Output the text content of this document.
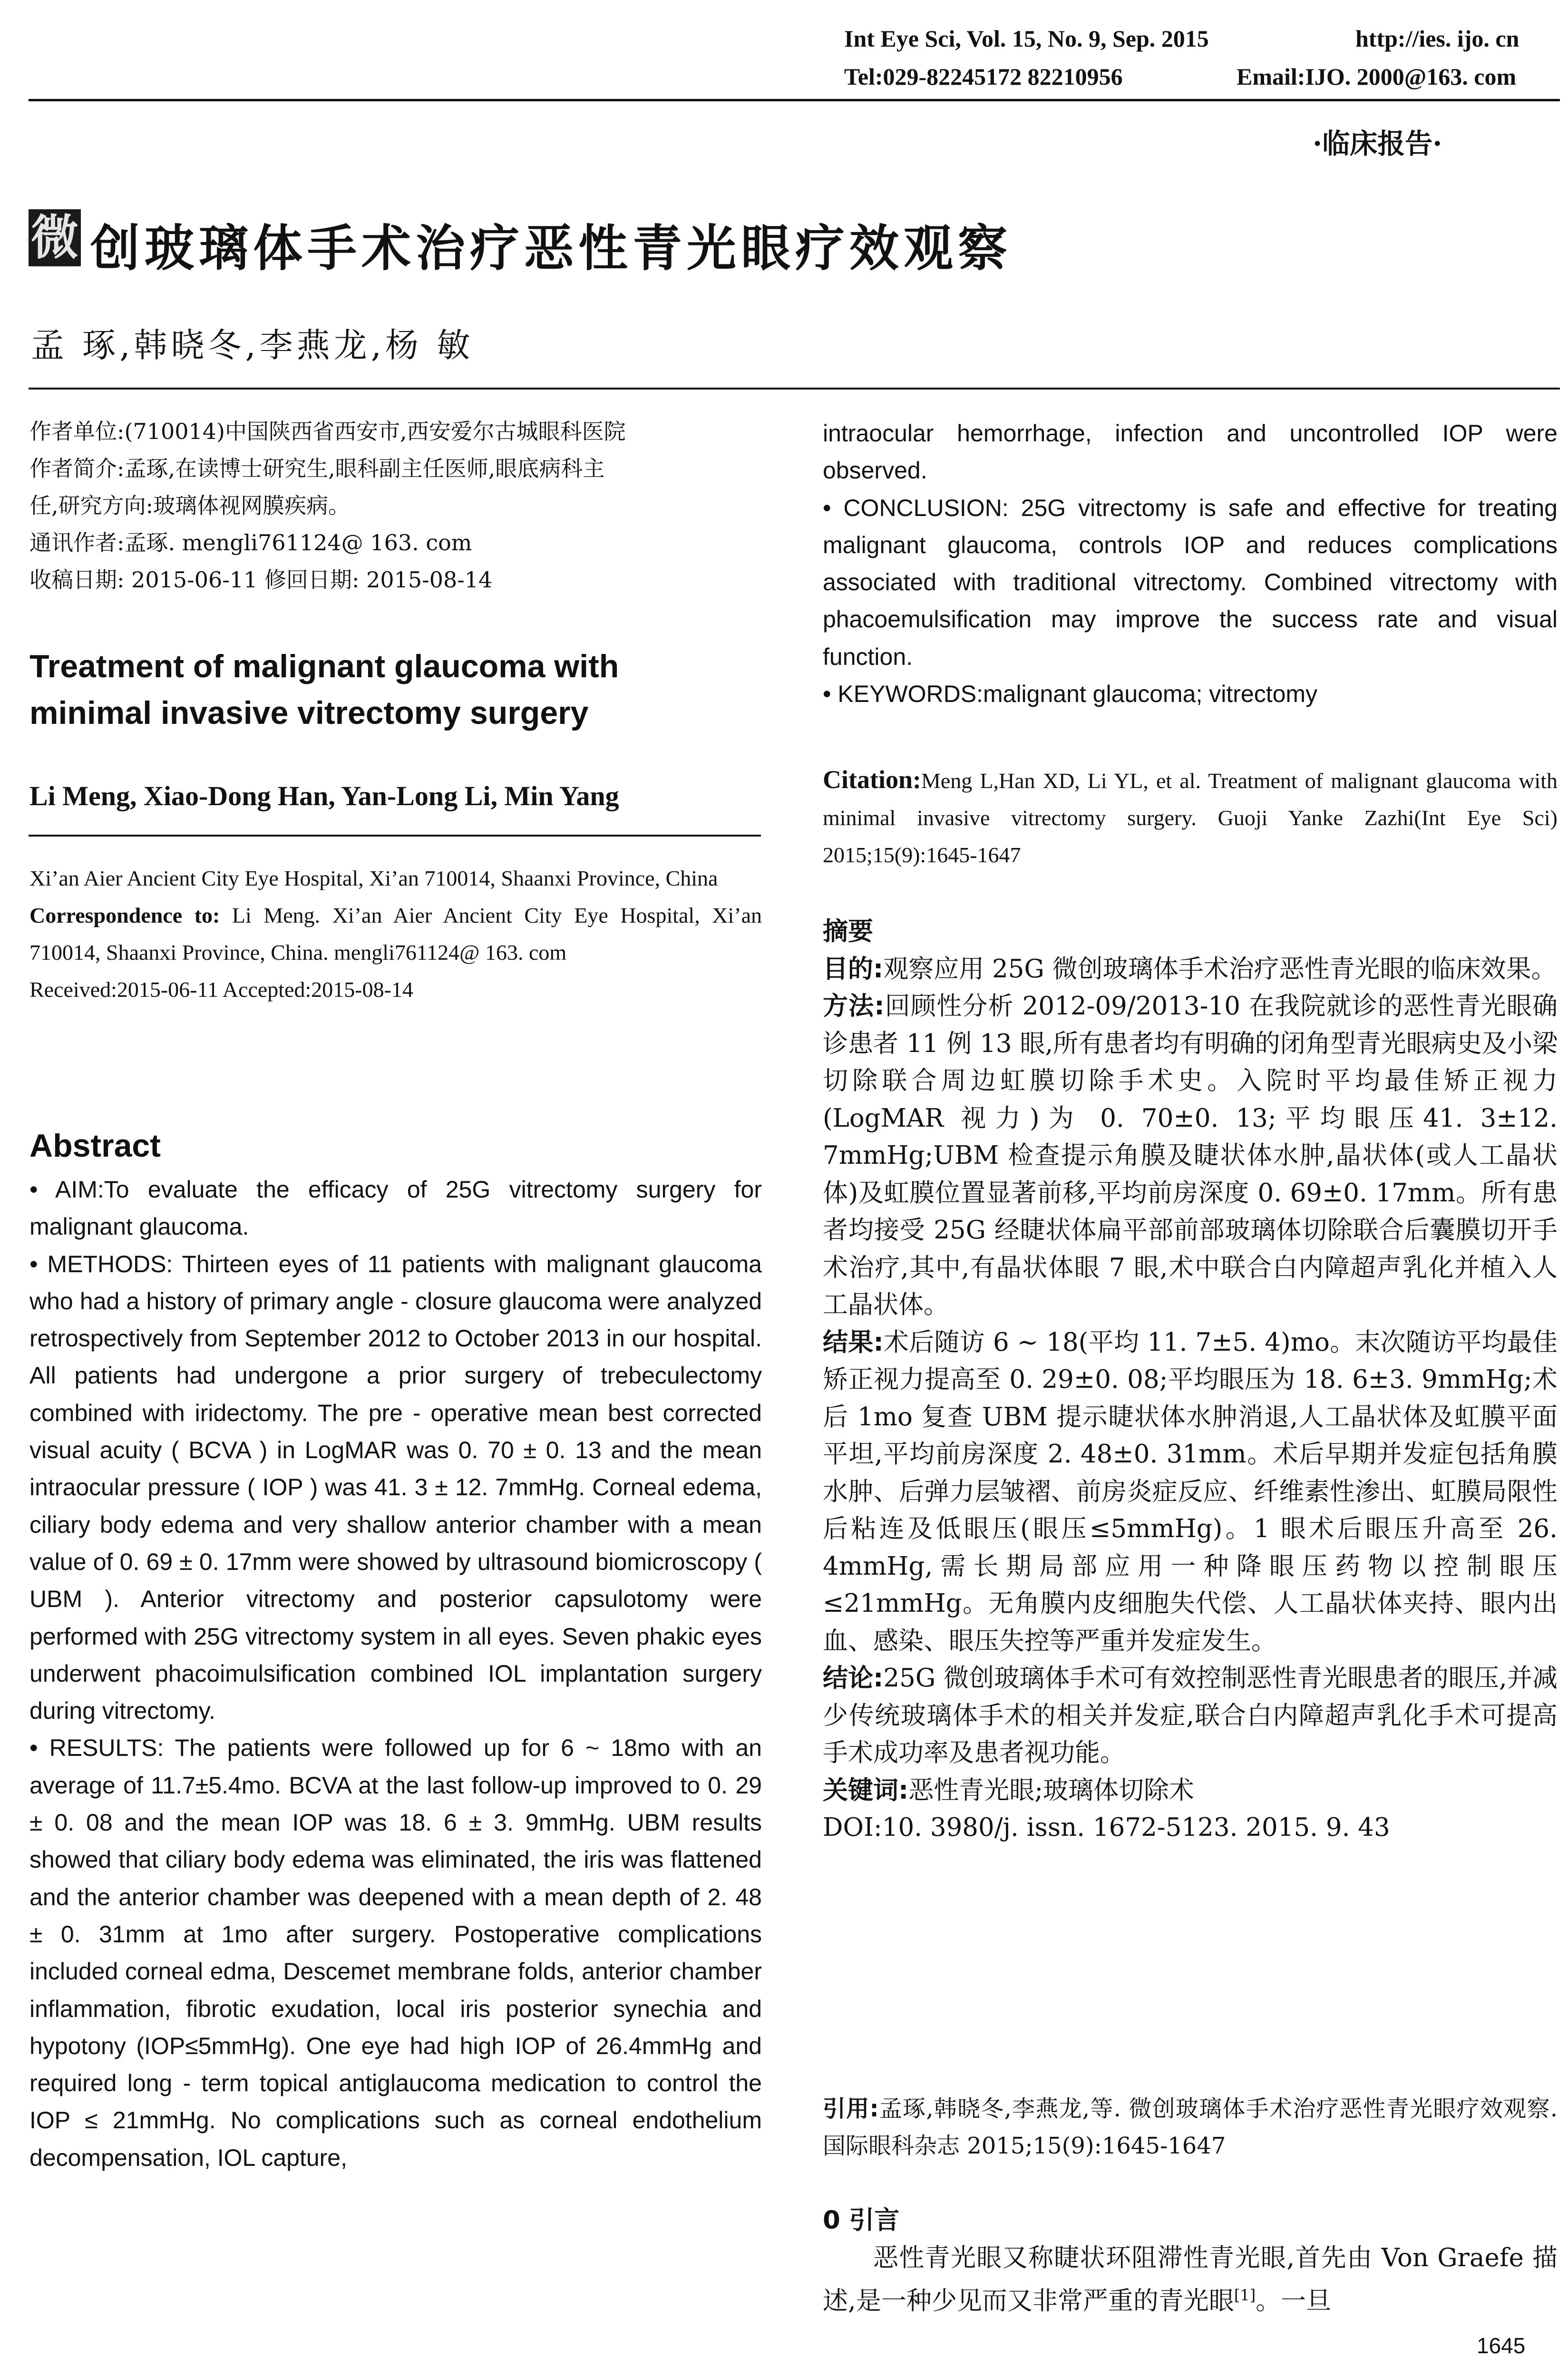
Int Eye Sci, Vol. 15, No. 9, Sep. 2015	http://ies. ijo. cn
Tel:029-82245172 82210956	Email:IJO. 2000@163. com
·临床报告·
微 创玻璃体手术治疗恶性青光眼疗效观察
孟 琢,韩晓冬,李燕龙,杨 敏
作者单位:(710014)中国陕西省西安市,西安爱尔古城眼科医院
作者简介:孟琢,在读博士研究生,眼科副主任医师,眼底病科主
任,研究方向:玻璃体视网膜疾病。
通讯作者:孟琢. mengli761124@ 163. com
收稿日期: 2015-06-11 修回日期: 2015-08-14
Treatment of malignant glaucoma with
minimal invasive vitrectomy surgery
Li Meng, Xiao-Dong Han, Yan-Long Li, Min Yang
Xi’an Aier Ancient City Eye Hospital, Xi’an 710014, Shaanxi Province, China
Correspondence to: Li Meng. Xi’an Aier Ancient City Eye Hospital, Xi’an 710014, Shaanxi Province, China. mengli761124@ 163. com
Received:2015-06-11 Accepted:2015-08-14
Abstract

• AIM:To evaluate the efficacy of 25G vitrectomy surgery for malignant glaucoma.

• METHODS: Thirteen eyes of 11 patients with malignant glaucoma who had a history of primary angle - closure glaucoma were analyzed retrospectively from September 2012 to October 2013 in our hospital. All patients had undergone a prior surgery of trebeculectomy combined with iridectomy. The pre - operative mean best corrected visual acuity ( BCVA ) in LogMAR was 0. 70 ± 0. 13 and the mean intraocular pressure ( IOP ) was 41. 3 ± 12. 7mmHg. Corneal edema, ciliary body edema and very shallow anterior chamber with a mean value of 0. 69 ± 0. 17mm were showed by ultrasound biomicroscopy ( UBM ). Anterior vitrectomy and posterior capsulotomy were performed with 25G vitrectomy system in all eyes. Seven phakic eyes underwent phacoimulsification combined IOL implantation surgery during vitrectomy.

• RESULTS: The patients were followed up for 6 ~ 18mo with an average of 11.7±5.4mo. BCVA at the last follow-up improved to 0. 29 ± 0. 08 and the mean IOP was 18. 6 ± 3. 9mmHg. UBM results showed that ciliary body edema was eliminated, the iris was flattened and the anterior chamber was deepened with a mean depth of 2. 48 ± 0. 31mm at 1mo after surgery. Postoperative complications included corneal edma, Descemet membrane folds, anterior chamber inflammation, fibrotic exudation, local iris posterior synechia and hypotony (IOP≤5mmHg). One eye had high IOP of 26.4mmHg and required long - term topical antiglaucoma medication to control the IOP ≤ 21mmHg. No complications such as corneal endothelium decompensation, IOL capture,

intraocular hemorrhage, infection and uncontrolled IOP were observed.

• CONCLUSION: 25G vitrectomy is safe and effective for treating malignant glaucoma, controls IOP and reduces complications associated with traditional vitrectomy. Combined vitrectomy with phacoemulsification may improve the success rate and visual function.

• KEYWORDS:malignant glaucoma; vitrectomy

Citation:Meng L,Han XD, Li YL, et al. Treatment of malignant glaucoma with minimal invasive vitrectomy surgery. Guoji Yanke Zazhi(Int Eye Sci) 2015;15(9):1645-1647

摘要

目的:观察应用 25G 微创玻璃体手术治疗恶性青光眼的临床效果。

方法:回顾性分析 2012-09/2013-10 在我院就诊的恶性青光眼确诊患者 11 例 13 眼,所有患者均有明确的闭角型青光眼病史及小梁切除联合周边虹膜切除手术史。入院时平均最佳矫正视力(LogMAR 视力)为 0. 70±0. 13;平均眼压41. 3±12. 7mmHg;UBM 检查提示角膜及睫状体水肿,晶状体(或人工晶状体)及虹膜位置显著前移,平均前房深度 0. 69±0. 17mm。所有患者均接受 25G 经睫状体扁平部前部玻璃体切除联合后囊膜切开手术治疗,其中,有晶状体眼 7 眼,术中联合白内障超声乳化并植入人工晶状体。

结果:术后随访 6 ~ 18(平均 11. 7±5. 4)mo。末次随访平均最佳矫正视力提高至 0. 29±0. 08;平均眼压为 18. 6±3. 9mmHg;术后 1mo 复查 UBM 提示睫状体水肿消退,人工晶状体及虹膜平面平坦,平均前房深度 2. 48±0. 31mm。术后早期并发症包括角膜水肿、后弹力层皱褶、前房炎症反应、纤维素性渗出、虹膜局限性后粘连及低眼压(眼压≤5mmHg)。1 眼术后眼压升高至 26. 4mmHg,需长期局部应用一种降眼压药物以控制眼压≤21mmHg。无角膜内皮细胞失代偿、人工晶状体夹持、眼内出血、感染、眼压失控等严重并发症发生。

结论:25G 微创玻璃体手术可有效控制恶性青光眼患者的眼压,并减少传统玻璃体手术的相关并发症,联合白内障超声乳化手术可提高手术成功率及患者视功能。

关键词:恶性青光眼;玻璃体切除术

DOI:10. 3980/j. issn. 1672-5123. 2015. 9. 43

引用:孟琢,韩晓冬,李燕龙,等. 微创玻璃体手术治疗恶性青光眼疗效观察. 国际眼科杂志 2015;15(9):1645-1647

0 引言

恶性青光眼又称睫状环阻滞性青光眼,首先由 Von Graefe 描述,是一种少见而又非常严重的青光眼[1]。一旦

1645
